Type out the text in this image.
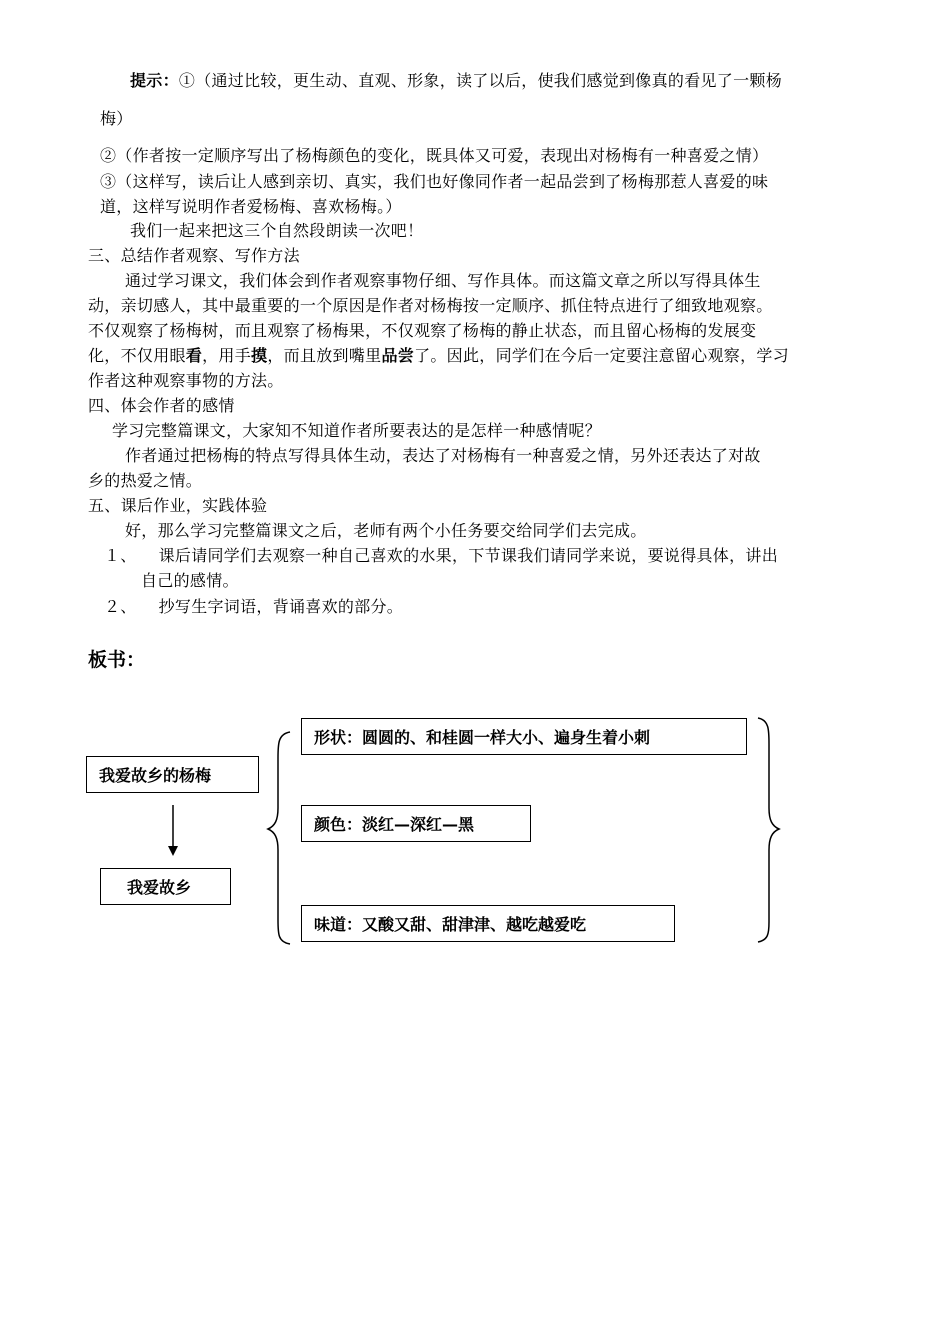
提示：①（通过比较，更生动、直观、形象，读了以后，使我们感觉到像真的看见了一颗杨
梅）
②（作者按一定顺序写出了杨梅颜色的变化，既具体又可爱，表现出对杨梅有一种喜爱之情）
③（这样写，读后让人感到亲切、真实，我们也好像同作者一起品尝到了杨梅那惹人喜爱的味
道，这样写说明作者爱杨梅、喜欢杨梅。）
我们一起来把这三个自然段朗读一次吧！
三、总结作者观察、写作方法
通过学习课文，我们体会到作者观察事物仔细、写作具体。而这篇文章之所以写得具体生
动，亲切感人，其中最重要的一个原因是作者对杨梅按一定顺序、抓住特点进行了细致地观察。
不仅观察了杨梅树，而且观察了杨梅果，不仅观察了杨梅的静止状态，而且留心杨梅的发展变
化，不仅用眼看，用手摸，而且放到嘴里品尝了。因此，同学们在今后一定要注意留心观察，学习
作者这种观察事物的方法。
四、体会作者的感情
学习完整篇课文，大家知不知道作者所要表达的是怎样一种感情呢？
作者通过把杨梅的特点写得具体生动，表达了对杨梅有一种喜爱之情，另外还表达了对故
乡的热爱之情。
五、课后作业，实践体验
好，那么学习完整篇课文之后，老师有两个小任务要交给同学们去完成。
１、 课后请同学们去观察一种自己喜欢的水果，下节课我们请同学来说，要说得具体，讲出
自己的感情。
２、 抄写生字词语，背诵喜欢的部分。
板书：
我爱故乡的杨梅
我爱故乡
形状：圆圆的、和桂圆一样大小、遍身生着小刺
颜色：淡红—深红—黑
味道：又酸又甜、甜津津、越吃越爱吃
